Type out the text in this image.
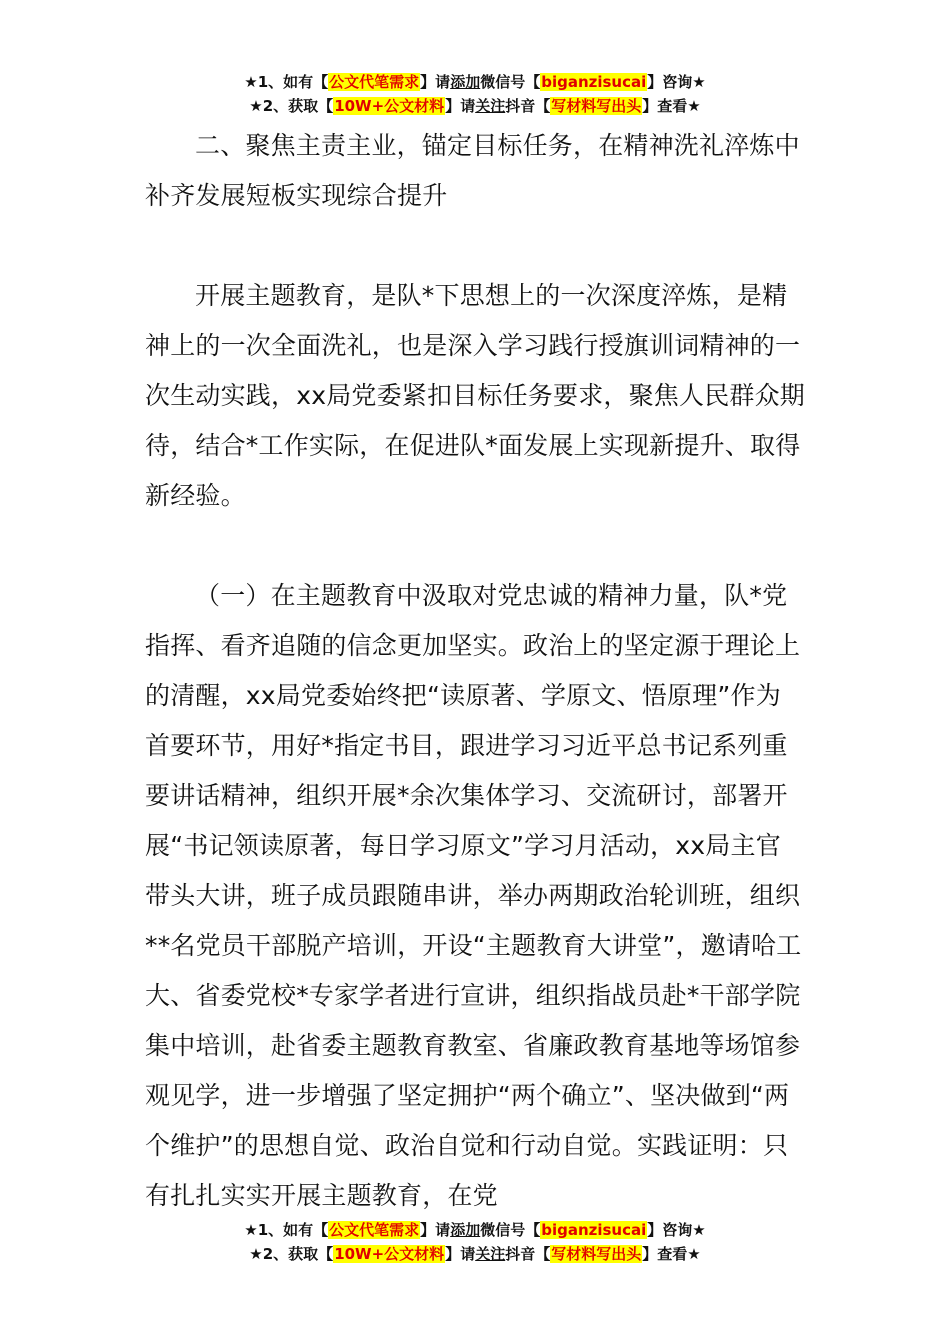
★1、如有【公文代笔需求】请添加微信号【biganzisucai】咨询★
★2、获取【10W+公文材料】请关注抖音【写材料写出头】查看★

二、聚焦主责主业，锚定目标任务，在精神洗礼淬炼中补齐发展短板实现综合提升

开展主题教育，是队*下思想上的一次深度淬炼，是精神上的一次全面洗礼，也是深入学习践行授旗训词精神的一次生动实践，xx局党委紧扣目标任务要求，聚焦人民群众期待，结合*工作实际，在促进队*面发展上实现新提升、取得新经验。

（一）在主题教育中汲取对党忠诚的精神力量，队*党指挥、看齐追随的信念更加坚实。政治上的坚定源于理论上的清醒，xx局党委始终把“读原著、学原文、悟原理”作为首要环节，用好*指定书目，跟进学习习近平总书记系列重要讲话精神，组织开展*余次集体学习、交流研讨，部署开展“书记领读原著，每日学习原文”学习月活动，xx局主官带头大讲，班子成员跟随串讲，举办两期政治轮训班，组织**名党员干部脱产培训，开设“主题教育大讲堂”，邀请哈工大、省委党校*专家学者进行宣讲，组织指战员赴*干部学院集中培训，赴省委主题教育教室、省廉政教育基地等场馆参观见学，进一步增强了坚定拥护“两个确立”、坚决做到“两个维护”的思想自觉、政治自觉和行动自觉。实践证明：只有扎扎实实开展主题教育，在党

★1、如有【公文代笔需求】请添加微信号【biganzisucai】咨询★
★2、获取【10W+公文材料】请关注抖音【写材料写出头】查看★
